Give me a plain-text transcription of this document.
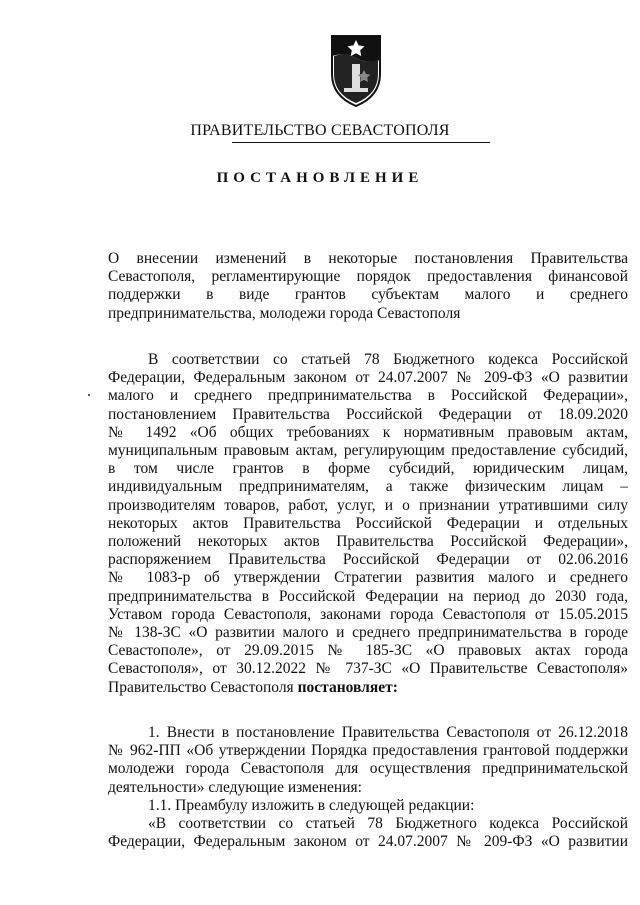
ПРАВИТЕЛЬСТВО СЕВАСТОПОЛЯ
ПОСТАНОВЛЕНИЕ
О внесении изменений в некоторые постановления Правительства
Севастополя, регламентирующие порядок предоставления финансовой
поддержки в виде грантов субъектам малого и среднего
предпринимательства, молодежи города Севастополя
В соответствии со статьей 78 Бюджетного кодекса Российской
Федерации, Федеральным законом от 24.07.2007 № 209-ФЗ «О развитии
малого и среднего предпринимательства в Российской Федерации»,
постановлением Правительства Российской Федерации от 18.09.2020
№ 1492 «Об общих требованиях к нормативным правовым актам,
муниципальным правовым актам, регулирующим предоставление субсидий,
в том числе грантов в форме субсидий, юридическим лицам,
индивидуальным предпринимателям, а также физическим лицам –
производителям товаров, работ, услуг, и о признании утратившими силу
некоторых актов Правительства Российской Федерации и отдельных
положений некоторых актов Правительства Российской Федерации»,
распоряжением Правительства Российской Федерации от 02.06.2016
№ 1083-р об утверждении Стратегии развития малого и среднего
предпринимательства в Российской Федерации на период до 2030 года,
Уставом города Севастополя, законами города Севастополя от 15.05.2015
№ 138-ЗС «О развитии малого и среднего предпринимательства в городе
Севастополе», от 29.09.2015 № 185-ЗС «О правовых актах города
Севастополя», от 30.12.2022 № 737-ЗС «О Правительстве Севастополя»
Правительство Севастополя постановляет:
1. Внести в постановление Правительства Севастополя от 26.12.2018
№ 962-ПП «Об утверждении Порядка предоставления грантовой поддержки
молодежи города Севастополя для осуществления предпринимательской
деятельности» следующие изменения:
1.1. Преамбулу изложить в следующей редакции:
«В соответствии со статьей 78 Бюджетного кодекса Российской
Федерации, Федеральным законом от 24.07.2007 № 209-ФЗ «О развитии
